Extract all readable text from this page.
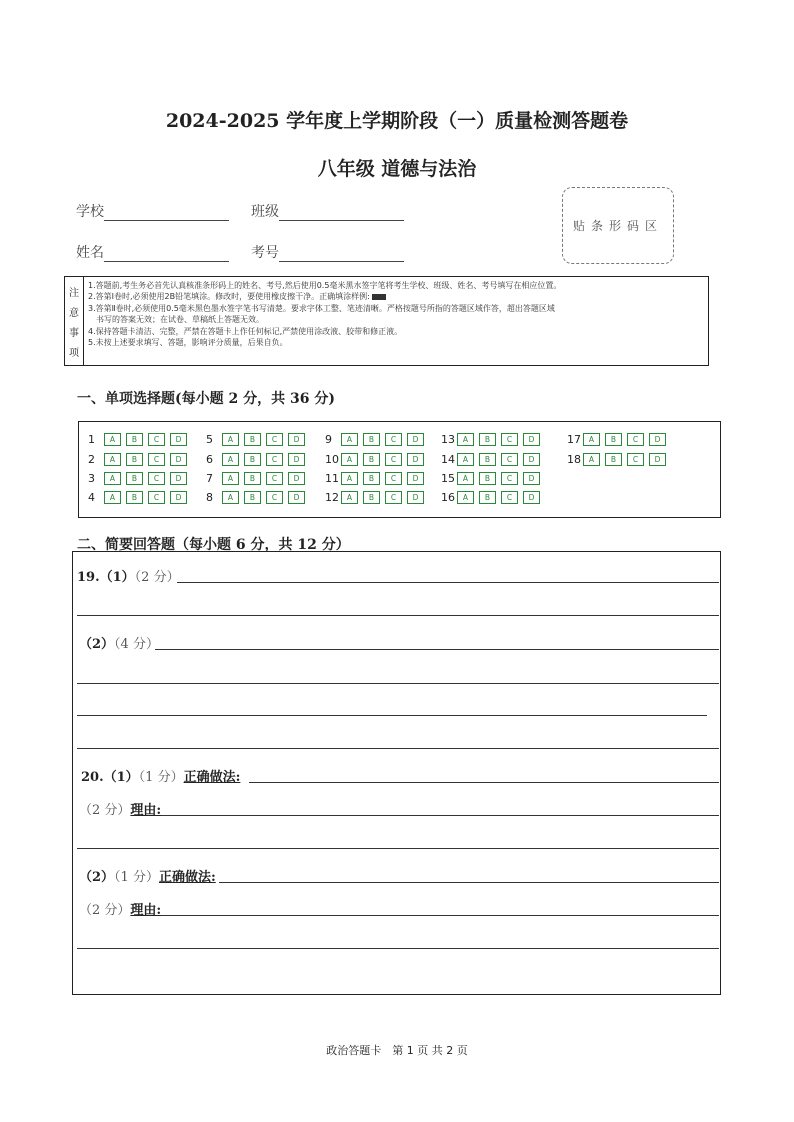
2024-2025 学年度上学期阶段（一）质量检测答题卷
八年级 道德与法治
学校	班级
姓名	考号
贴条形码区
注
意
事
项
1.答题前,考生务必首先认真核准条形码上的姓名、考号,然后使用0.5毫米黑水签字笔将考生学校、班级、姓名、考号填写在相应位置。
2.答第Ⅰ卷时,必须使用2B铅笔填涂。修改时，要使用橡皮擦干净。正确填涂样例:
3.答第Ⅱ卷时,必须使用0.5毫米黑色墨水签字笔书写清楚。要求字体工整、笔迹清晰。严格按题号所指的答题区域作答，超出答题区域
书写的答案无效；在试卷、草稿纸上答题无效。
4.保持答题卡清洁、完整，严禁在答题卡上作任何标记,严禁使用涂改液、胶带和修正液。
5.未按上述要求填写、答题，影响评分质量，后果自负。
一、单项选择题(每小题 2 分，共 36 分)
1	A	B	C	D
2	A	B	C	D
3	A	B	C	D
4	A	B	C	D
5	A	B	C	D
6	A	B	C	D
7	A	B	C	D
8	A	B	C	D
9	A	B	C	D
10	A	B	C	D
11	A	B	C	D
12	A	B	C	D
13	A	B	C	D
14	A	B	C	D
15	A	B	C	D
16	A	B	C	D
17	A	B	C	D
18	A	B	C	D
二、简要回答题（每小题 6 分，共 12 分）
19.（1）（2 分）
（2）（4 分）
20.（1）（1 分）正确做法:
（2 分）理由:
（2）（1 分）正确做法:
（2 分）理由:
政治答题卡　第 1 页 共 2 页
